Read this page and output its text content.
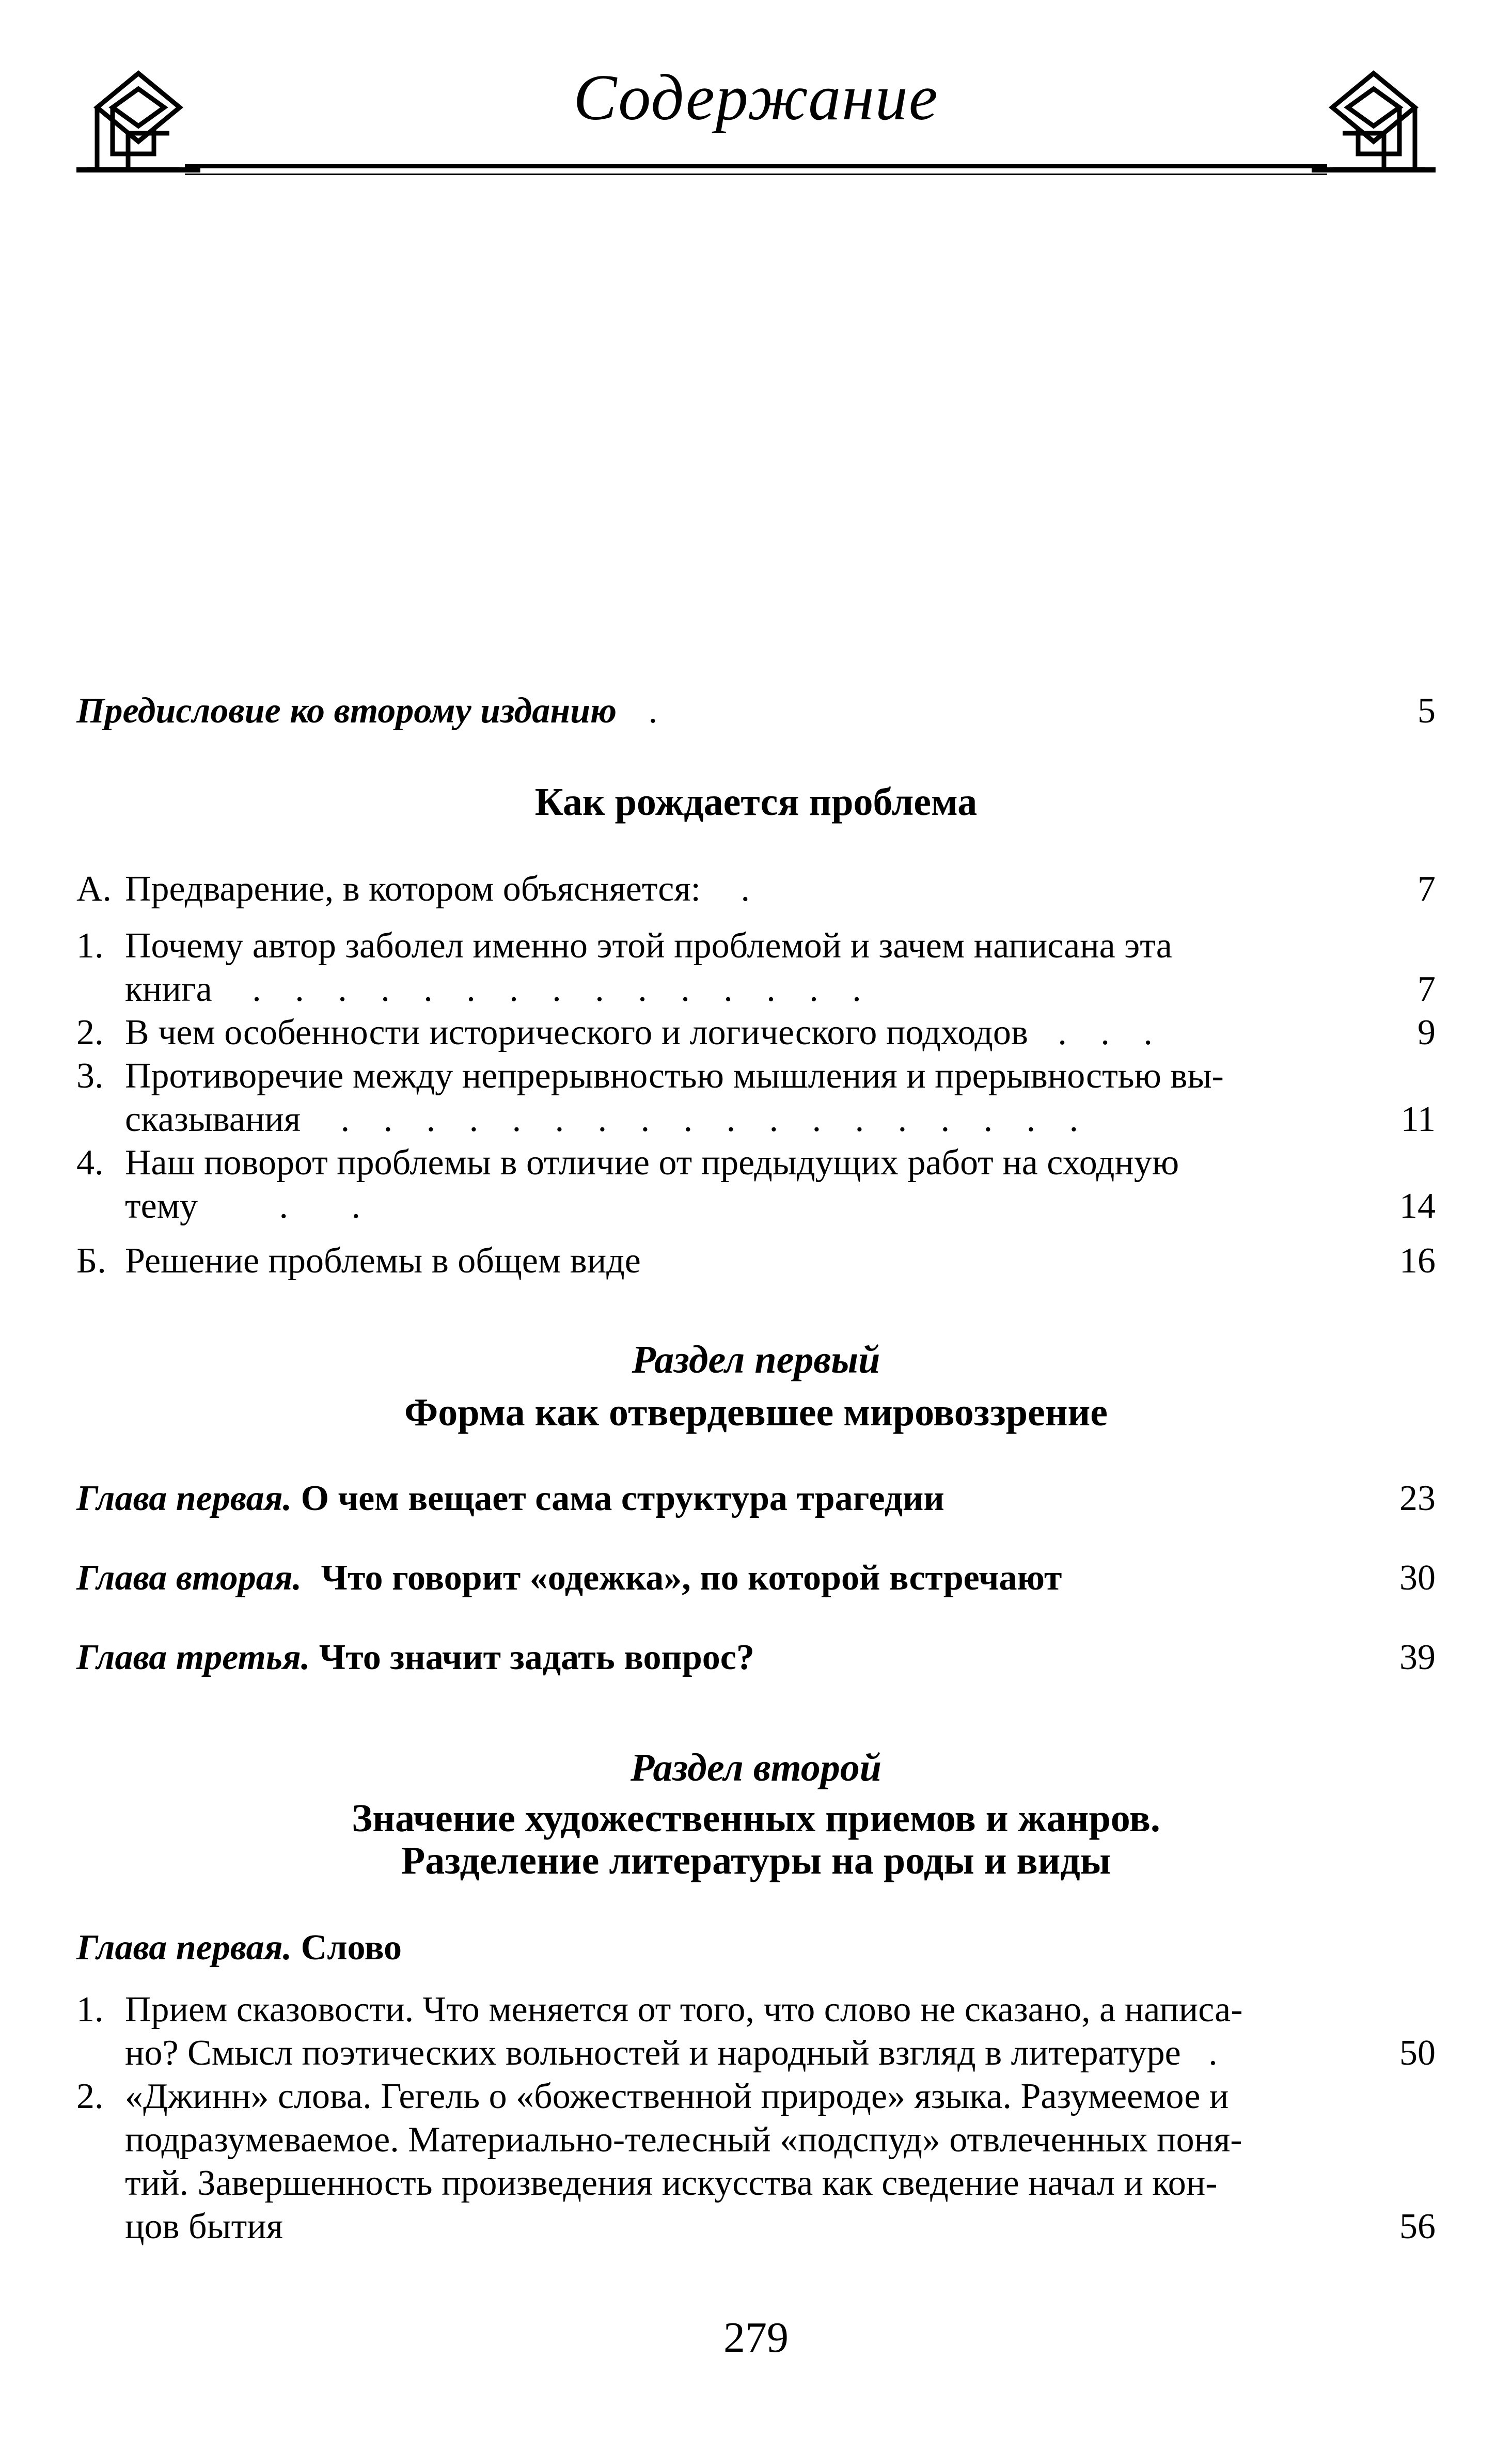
Содержание
Предисловие ко второму изданию .	5
Как рождается проблема
А. Предварение, в котором объясняется: .	7
1. Почему автор заболел именно этой проблемой и зачем написана эта
книга . . . . . . . . . . . . . . .	7
2. В чем особенности исторического и логического подходов . . .	9
3. Противоречие между непрерывностью мышления и прерывностью вы-
сказывания . . . . . . . . . . . . . . . . . .	11
4. Наш поворот проблемы в отличие от предыдущих работ на сходную
тему .       .	14
Б. Решение проблемы в общем виде	16
Раздел первый
Форма как отвердевшее мировоззрение
Глава первая. О чем вещает сама структура трагедии	23
Глава вторая. Что говорит «одежка», по которой встречают	30
Глава третья. Что значит задать вопрос?	39
Раздел второй
Значение художественных приемов и жанров.
Разделение литературы на роды и виды
Глава первая. Слово
1. Прием сказовости. Что меняется от того, что слово не сказано, а написа-
но? Смысл поэтических вольностей и народный взгляд в литературе .	50
2. «Джинн» слова. Гегель о «божественной природе» языка. Разумеемое и
подразумеваемое. Материально-телесный «подспуд» отвлеченных поня-
тий. Завершенность произведения искусства как сведение начал и кон-
цов бытия	56
279
